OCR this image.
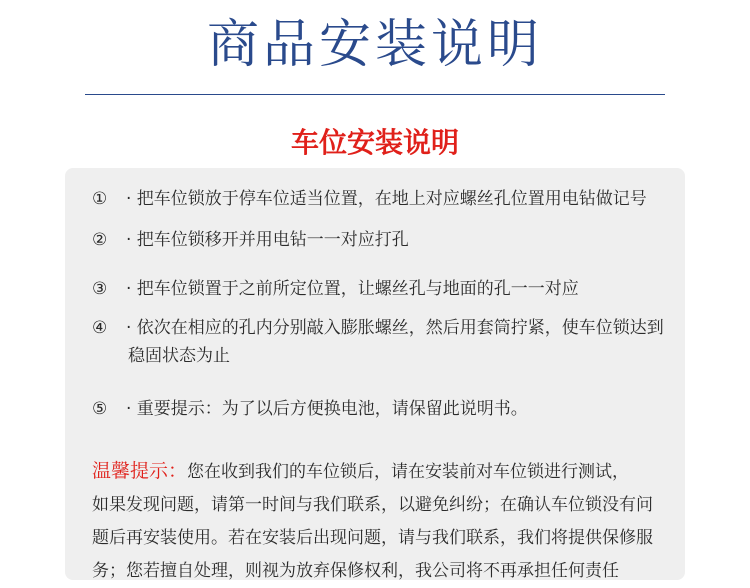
商品安装说明
车位安装说明
① · 把车位锁放于停车位适当位置，在地上对应螺丝孔位置用电钻做记号
② · 把车位锁移开并用电钻一一对应打孔
③ · 把车位锁置于之前所定位置，让螺丝孔与地面的孔一一对应
④ · 依次在相应的孔内分别敲入膨胀螺丝，然后用套筒拧紧，使车位锁达到
稳固状态为止
⑤ · 重要提示：为了以后方便换电池，请保留此说明书。
温馨提示：您在收到我们的车位锁后，请在安装前对车位锁进行测试，
如果发现问题，请第一时间与我们联系，以避免纠纷；在确认车位锁没有问
题后再安装使用。若在安装后出现问题，请与我们联系，我们将提供保修服
务；您若擅自处理，则视为放弃保修权利，我公司将不再承担任何责任
